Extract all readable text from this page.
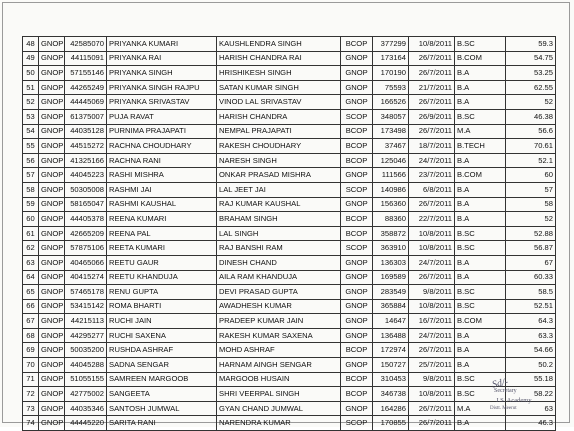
48	GNOP	42585070	PRIYANKA KUMARI	KAUSHLENDRA SINGH	BCOP	377299	10/8/2011	B.SC	59.3
49	GNOP	44115091	PRIYANKA RAI	HARISH CHANDRA RAI	GNOP	173164	26/7/2011	B.COM	54.75
50	GNOP	57155146	PRIYANKA SINGH	HRISHIKESH SINGH	GNOP	170190	26/7/2011	B.A	53.25
51	GNOP	44265249	PRIYANKA SINGH RAJPU	SATAN KUMAR SINGH	GNOP	75593	21/7/2011	B.A	62.55
52	GNOP	44445069	PRIYANKA SRIVASTAV	VINOD LAL SRIVASTAV	GNOP	166526	26/7/2011	B.A	52
53	GNOP	61375007	PUJA RAVAT	HARISH CHANDRA	SCOP	348057	26/9/2011	B.SC	46.38
54	GNOP	44035128	PURNIMA PRAJAPATI	NEMPAL PRAJAPATI	BCOP	173498	26/7/2011	M.A	56.6
55	GNOP	44515272	RACHNA CHOUDHARY	RAKESH CHOUDHARY	BCOP	37467	18/7/2011	B.TECH	70.61
56	GNOP	41325166	RACHNA RANI	NARESH SINGH	BCOP	125046	24/7/2011	B.A	52.1
57	GNOP	44045223	RASHI MISHRA	ONKAR PRASAD MISHRA	GNOP	111566	23/7/2011	B.COM	60
58	GNOP	50305008	RASHMI JAI	LAL JEET JAI	SCOP	140986	6/8/2011	B.A	57
59	GNOP	58165047	RASHMI KAUSHAL	RAJ KUMAR KAUSHAL	GNOP	156360	26/7/2011	B.A	58
60	GNOP	44405378	REENA KUMARI	BRAHAM SINGH	BCOP	88360	22/7/2011	B.A	52
61	GNOP	42665209	REENA PAL	LAL SINGH	BCOP	358872	10/8/2011	B.SC	52.88
62	GNOP	57875106	REETA KUMARI	RAJ BANSHI RAM	SCOP	363910	10/8/2011	B.SC	56.87
63	GNOP	40465066	REETU GAUR	DINESH CHAND	GNOP	136303	24/7/2011	B.A	67
64	GNOP	40415274	REETU KHANDUJA	AILA RAM KHANDUJA	GNOP	169589	26/7/2011	B.A	60.33
65	GNOP	57465178	RENU GUPTA	DEVI PRASAD GUPTA	GNOP	283549	9/8/2011	B.SC	58.5
66	GNOP	53415142	ROMA BHARTI	AWADHESH KUMAR	GNOP	365884	10/8/2011	B.SC	52.51
67	GNOP	44215113	RUCHI JAIN	PRADEEP KUMAR JAIN	GNOP	14647	16/7/2011	B.COM	64.3
68	GNOP	44295277	RUCHI SAXENA	RAKESH KUMAR SAXENA	GNOP	136488	24/7/2011	B.A	63.3
69	GNOP	50035200	RUSHDA ASHRAF	MOHD ASHRAF	BCOP	172974	26/7/2011	B.A	54.66
70	GNOP	44045288	SADNA SENGAR	HARNAM AINGH SENGAR	GNOP	150727	25/7/2011	B.A	50.2
71	GNOP	51055155	SAMREEN MARGOOB	MARGOOB HUSAIN	BCOP	310453	9/8/2011	B.SC	55.18
72	GNOP	42775002	SANGEETA	SHRI VEERPAL SINGH	BCOP	346738	10/8/2011	B.SC	58.22
73	GNOP	44035346	SANTOSH JUMWAL	GYAN CHAND JUMWAL	GNOP	164286	26/7/2011	M.A	63
74	GNOP	44445220	SARITA RANI	NARENDRA KUMAR	SCOP	170855	26/7/2011	B.A	46.3
Sd/-
Secretary
J.S. Academy
Distt. Meerut
